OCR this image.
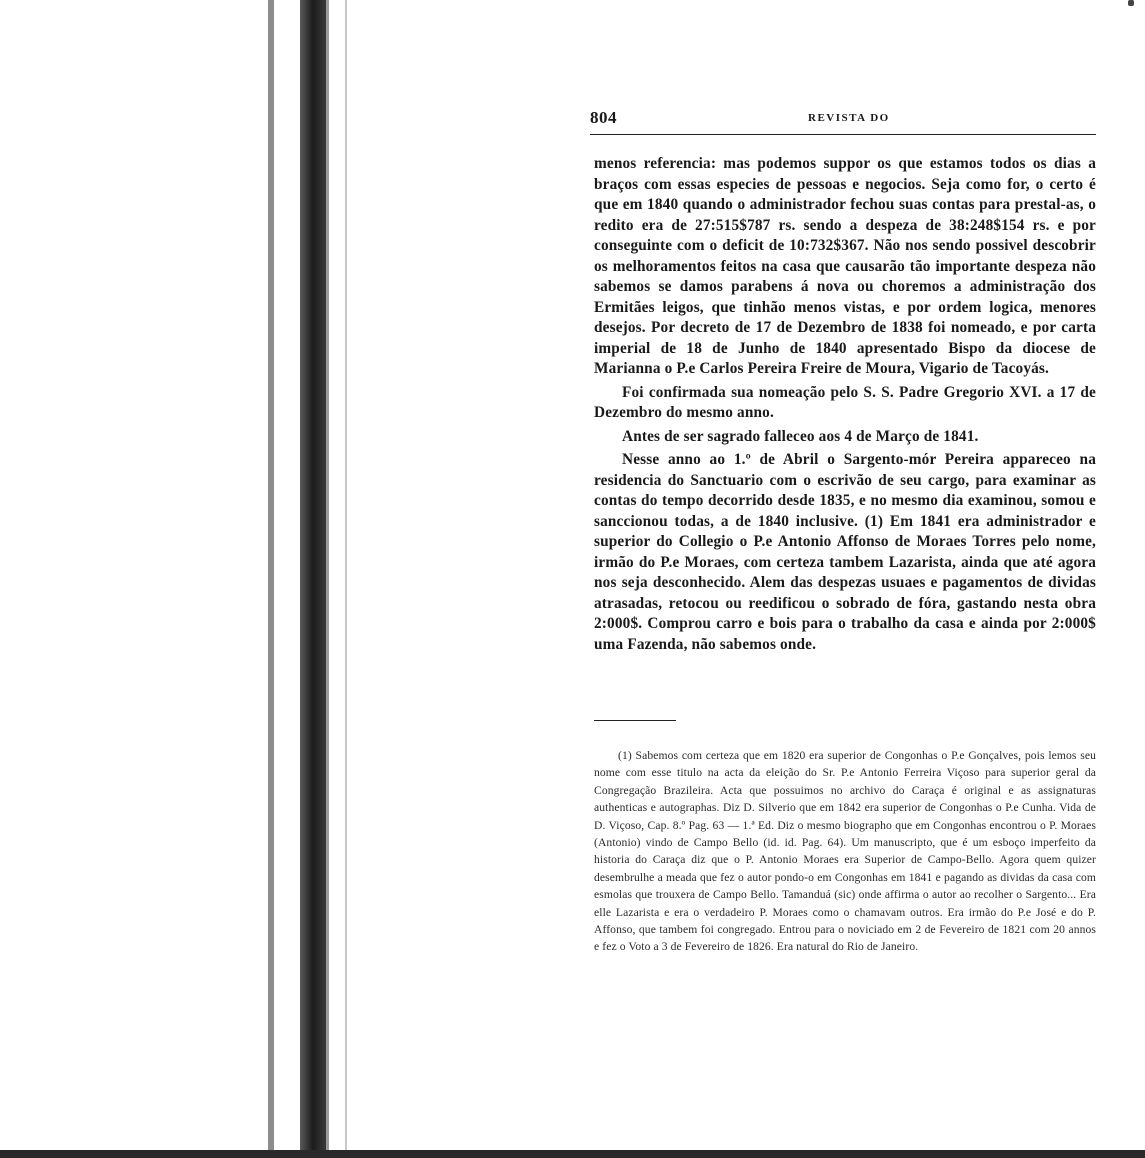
804	REVISTA DO

menos referencia: mas podemos suppor os que estamos todos os dias a braços com essas especies de pessoas e negocios. Seja como for, o certo é que em 1840 quando o administrador fechou suas contas para prestal-as, o redito era de 27:515$787 rs. sendo a despeza de 38:248$154 rs. e por conseguinte com o deficit de 10:732$367. Não nos sendo possivel descobrir os melhoramentos feitos na casa que causarão tão importante despeza não sabemos se damos parabens á nova ou choremos a administração dos Ermitães leigos, que tinhão menos vistas, e por ordem logica, menores desejos. Por decreto de 17 de Dezembro de 1838 foi nomeado, e por carta imperial de 18 de Junho de 1840 apresentado Bispo da diocese de Marianna o P.e Carlos Pereira Freire de Moura, Vigario de Tacoyás.

Foi confirmada sua nomeação pelo S. S. Padre Gregorio XVI. a 17 de Dezembro do mesmo anno.

Antes de ser sagrado falleceo aos 4 de Março de 1841.

Nesse anno ao 1.º de Abril o Sargento-mór Pereira appareceo na residencia do Sanctuario com o escrivão de seu cargo, para examinar as contas do tempo decorrido desde 1835, e no mesmo dia examinou, somou e sanccionou todas, a de 1840 inclusive. (1) Em 1841 era administrador e superior do Collegio o P.e Antonio Affonso de Moraes Torres pelo nome, irmão do P.e Moraes, com certeza tambem Lazarista, ainda que até agora nos seja desconhecido. Alem das despezas usuaes e pagamentos de dividas atrasadas, retocou ou reedificou o sobrado de fóra, gastando nesta obra 2:000$. Comprou carro e bois para o trabalho da casa e ainda por 2:000$ uma Fazenda, não sabemos onde.

(1) Sabemos com certeza que em 1820 era superior de Congonhas o P.e Gonçalves, pois lemos seu nome com esse titulo na acta da eleição do Sr. P.e Antonio Ferreira Viçoso para superior geral da Congregação Brazileira. Acta que possuimos no archivo do Caraça é original e as assignaturas authenticas e autographas. Diz D. Silverio que em 1842 era superior de Congonhas o P.e Cunha. Vida de D. Viçoso, Cap. 8.º Pag. 63 — 1.ª Ed. Diz o mesmo biographo que em Congonhas encontrou o P. Moraes (Antonio) vindo de Campo Bello (id. id. Pag. 64). Um manuscripto, que é um esboço imperfeito da historia do Caraça diz que o P. Antonio Moraes era Superior de Campo-Bello. Agora quem quizer desembrulhe a meada que fez o autor pondo-o em Congonhas em 1841 e pagando as dividas da casa com esmolas que trouxera de Campo Bello. Tamanduá (sic) onde affirma o autor ao recolher o Sargento... Era elle Lazarista e era o verdadeiro P. Moraes como o chamavam outros. Era irmão do P.e José e do P. Affonso, que tambem foi congregado. Entrou para o noviciado em 2 de Fevereiro de 1821 com 20 annos e fez o Voto a 3 de Fevereiro de 1826. Era natural do Rio de Janeiro.
